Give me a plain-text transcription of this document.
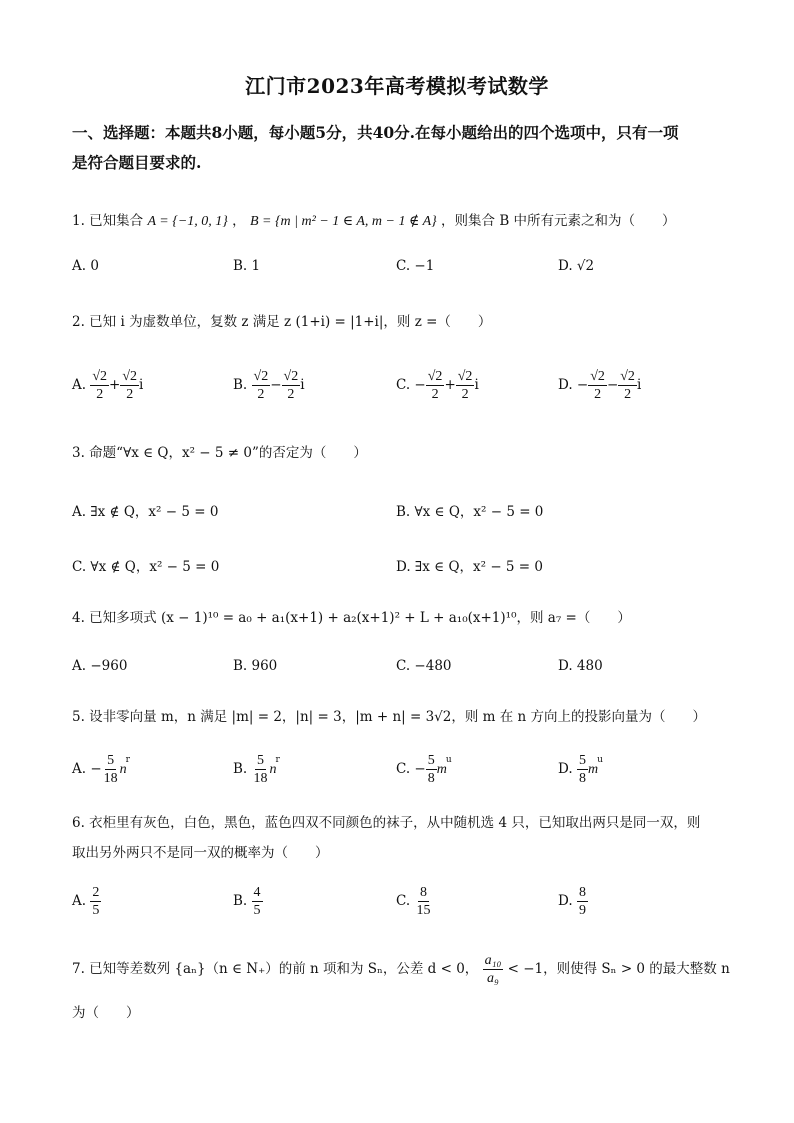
江门市2023年高考模拟考试数学
一、选择题：本题共8小题，每小题5分，共40分.在每小题给出的四个选项中，只有一项
是符合题目要求的.
1. 已知集合 A = {−1, 0, 1} ， B = {m | m² − 1 ∈ A, m − 1 ∉ A} ，则集合 B 中所有元素之和为（　　）
A. 0	B. 1	C. −1	D. √2
2. 已知 i 为虚数单位，复数 z 满足 z (1+i) = |1+i|，则 z =（　　）
A. $\frac{√2}{2} + \frac{√2}{2}$ i	B. $\frac{√2}{2} - \frac{√2}{2}$ i	C. − $\frac{√2}{2} + \frac{√2}{2}$ i	D. − $\frac{√2}{2} - \frac{√2}{2}$ i
3. 命题“∀x ∈ Q，x² − 5 ≠ 0”的否定为（　　）
A. ∃x ∉ Q，x² − 5 = 0	B. ∀x ∈ Q，x² − 5 = 0
C. ∀x ∉ Q，x² − 5 = 0	D. ∃x ∈ Q，x² − 5 = 0
4. 已知多项式 (x − 1)¹⁰ = a₀ + a₁(x+1) + a₂(x+1)² + L + a₁₀(x+1)¹⁰，则 a₇ =（　　）
A. −960	B. 960	C. −480	D. 480
5. 设非零向量 m，n 满足 |m| = 2，|n| = 3，|m + n| = 3√2，则 m 在 n 方向上的投影向量为（　　）
A. − $\frac{5}{18} n^r$
B. $\frac{5}{18} n^r$
C. − $\frac{5}{8} m^u$
D. $\frac{5}{8} m^u$
6. 衣柜里有灰色，白色，黑色，蓝色四双不同颜色的袜子，从中随机选 4 只，已知取出两只是同一双，则
取出另外两只不是同一双的概率为（　　）
A. $\frac{2}{5}$	B. $\frac{4}{5}$	C. $\frac{8}{15}$	D. $\frac{8}{9}$
7. 已知等差数列 {aₙ}（n ∈ N₊）的前 n 项和为 Sₙ，公差 d < 0， $\frac{\text{a₁₀}}{\text{a₉}} < -1$，则使得 Sₙ > 0 的最大整数 n
为（　　）
